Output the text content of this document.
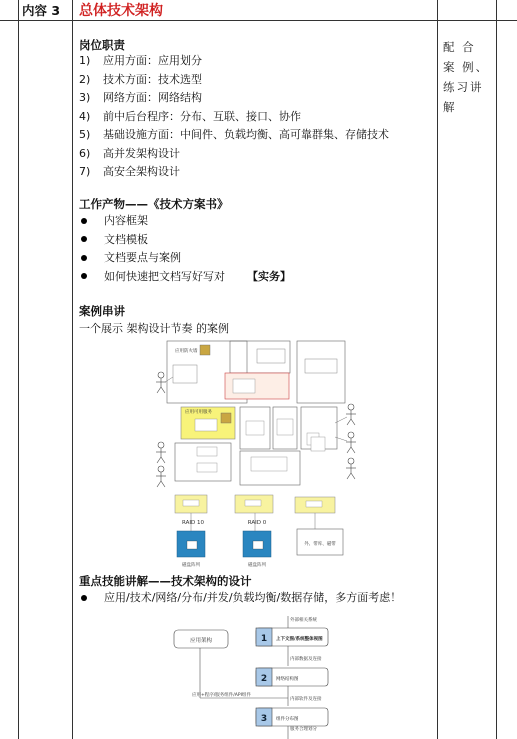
内容 3 总体技术架构
配 合 案 例、练习讲解
岗位职责
1) 应用方面：应用划分
2) 技术方面：技术选型
3) 网络方面：网络结构
4) 前中后台程序：分布、互联、接口、协作
5) 基础设施方面：中间件、负载均衡、高可靠群集、存储技术
6) 高并发架构设计
7) 高安全架构设计
工作产物——《技术方案书》
内容框架
文档模板
文档要点与案例
如何快速把文档写好写对 【实务】
案例串讲
一个展示 架构设计节奏 的案例
应用防火墙
应用可用服务
RAID 10	RAID 0
磁盘阵列	磁盘阵列
外、带库、磁带
重点技能讲解——技术架构的设计
应用/技术/网络/分布/并发/负载均衡/数据存储，多方面考虑！
外部相关系统
内部数据及连接
内部软件及连接
服务合理划分
应用+程序/服务组件/API组件
应用架构	1 上下文图/系统整体视图
2 网络结构图
3 组件分布图
